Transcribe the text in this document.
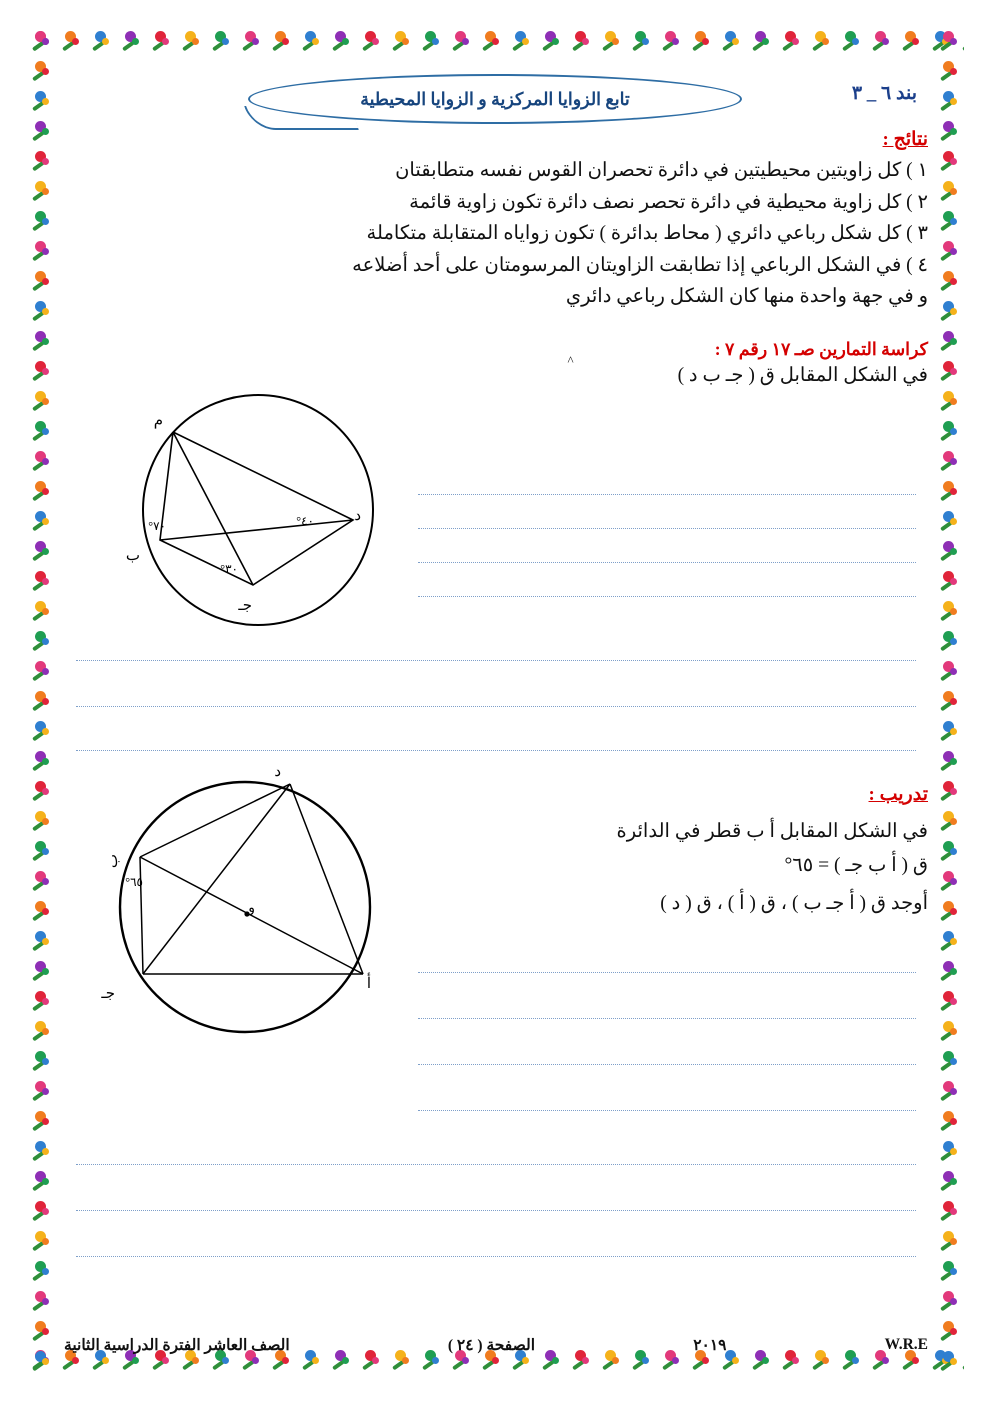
بند ٦ _ ٣
تابع الزوايا المركزية و الزوايا المحيطية
نتائج :
١ ) كل زاويتين محيطيتين في دائرة تحصران القوس نفسه متطابقتان
٢ ) كل زاوية محيطية في دائرة تحصر نصف دائرة تكون زاوية قائمة
٣ ) كل شكل رباعي دائري ( محاط بدائرة ) تكون زواياه المتقابلة متكاملة
٤ ) في الشكل الرباعي إذا تطابقت الزاويتان المرسومتان على أحد أضلاعه
و في جهة واحدة منها كان الشكل رباعي دائري
كراسة التمارين صـ ١٧ رقم ٧ :
في الشكل المقابل ق ( جـ ب د )
^
تدريب :
في الشكل المقابل أ ب قطر في الدائرة
ق ( ﺃ ب جـ ) = ٦٥°
أوجد ق ( ﺃ جـ ب ) ، ق ( ﺃ ) ، ق ( د )
م
د
ب
جـ
٧٠°	٤٠°
٣٠°
د
ب
و
جـ
ﺃ
٦٥°
الصف العاشر الفترة الدراسية الثانية	الصفحة ( ٢٤ )	٢٠١٩	W.R.E
